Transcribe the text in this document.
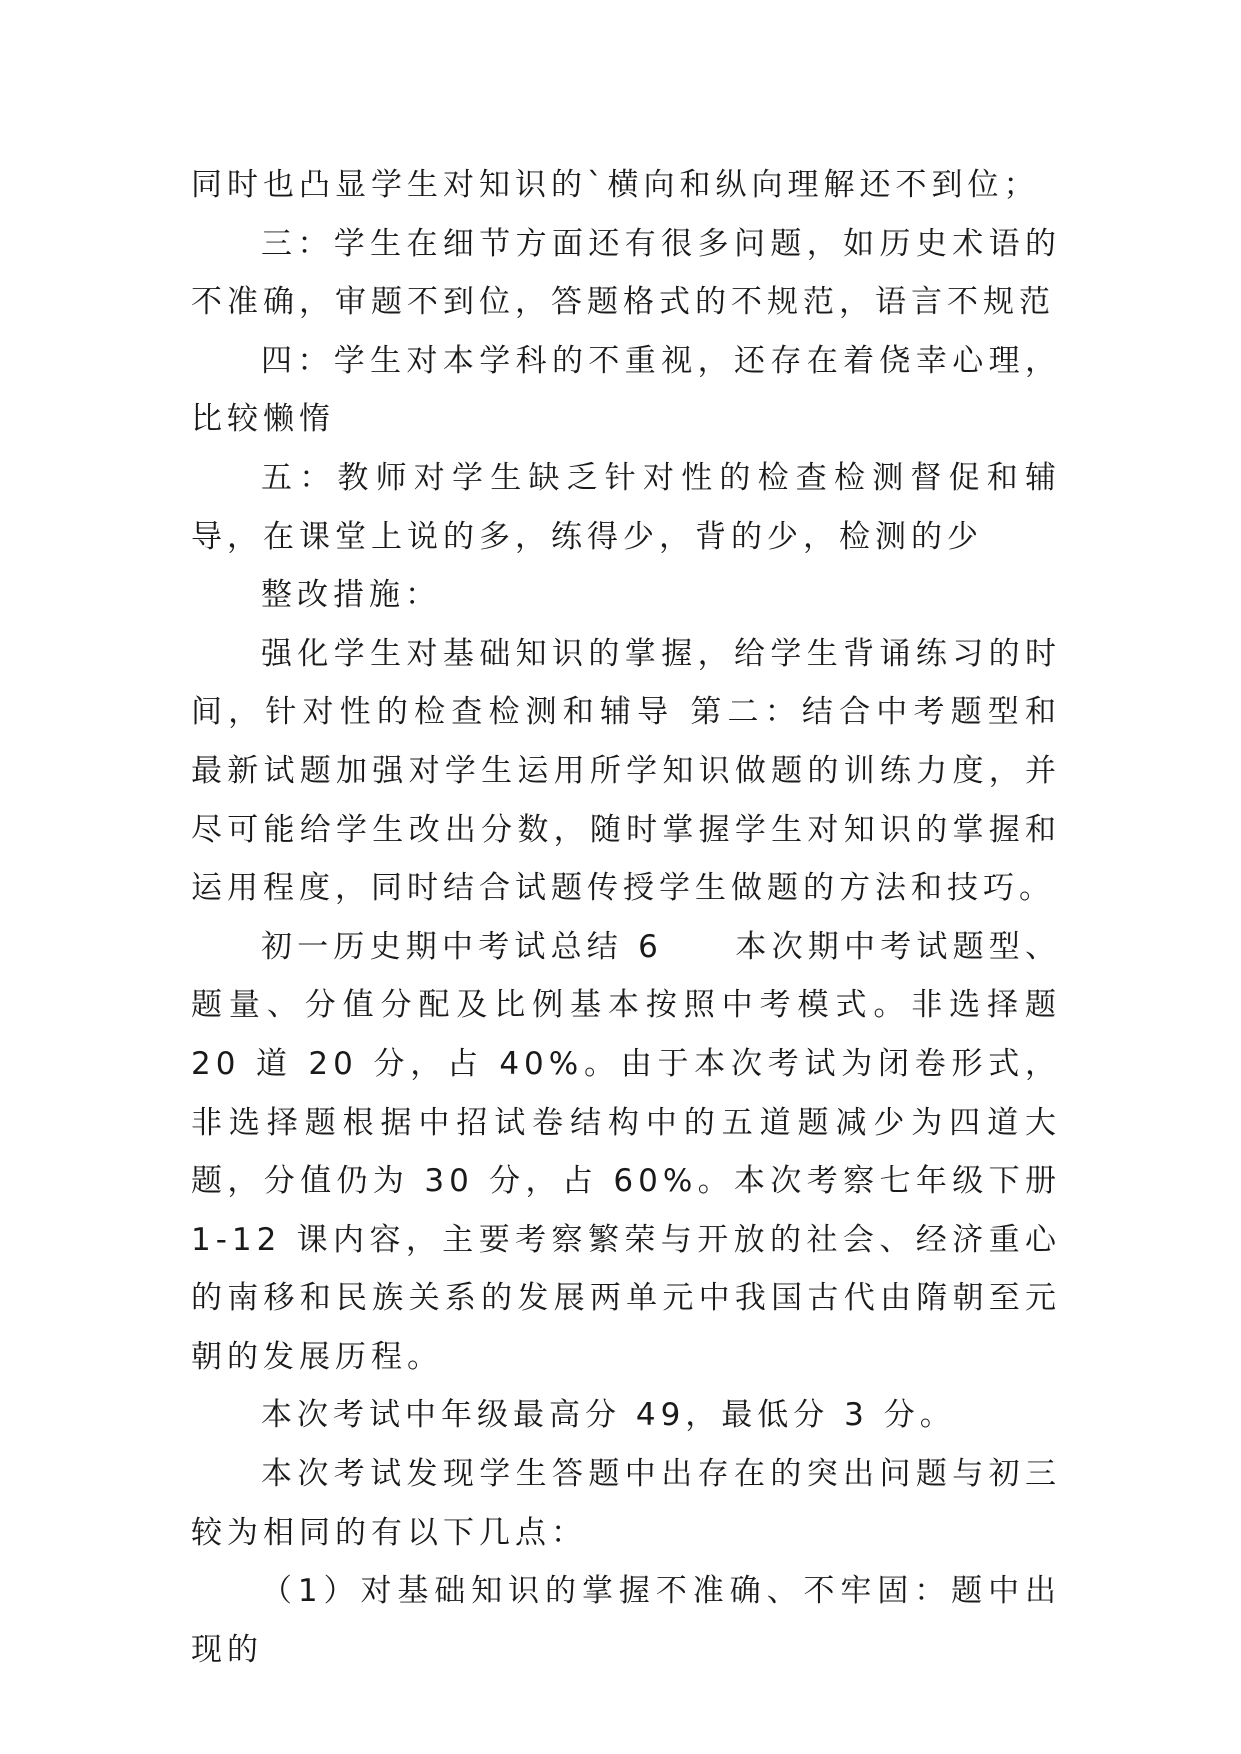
同时也凸显学生对知识的`横向和纵向理解还不到位；

三：学生在细节方面还有很多问题，如历史术语的不准确，审题不到位，答题格式的不规范，语言不规范

四：学生对本学科的不重视，还存在着侥幸心理，比较懒惰

五：教师对学生缺乏针对性的检查检测督促和辅导，在课堂上说的多，练得少，背的少，检测的少

整改措施：

强化学生对基础知识的掌握，给学生背诵练习的时间，针对性的检查检测和辅导 第二：结合中考题型和最新试题加强对学生运用所学知识做题的训练力度，并尽可能给学生改出分数，随时掌握学生对知识的掌握和运用程度，同时结合试题传授学生做题的方法和技巧。

初一历史期中考试总结 6　　本次期中考试题型、题量、分值分配及比例基本按照中考模式。非选择题 20 道 20 分，占 40%。由于本次考试为闭卷形式，非选择题根据中招试卷结构中的五道题减少为四道大题，分值仍为 30 分，占 60%。本次考察七年级下册 1-12 课内容，主要考察繁荣与开放的社会、经济重心的南移和民族关系的发展两单元中我国古代由隋朝至元朝的发展历程。

本次考试中年级最高分 49，最低分 3 分。

本次考试发现学生答题中出存在的突出问题与初三较为相同的有以下几点：

（1）对基础知识的掌握不准确、不牢固：题中出现的
